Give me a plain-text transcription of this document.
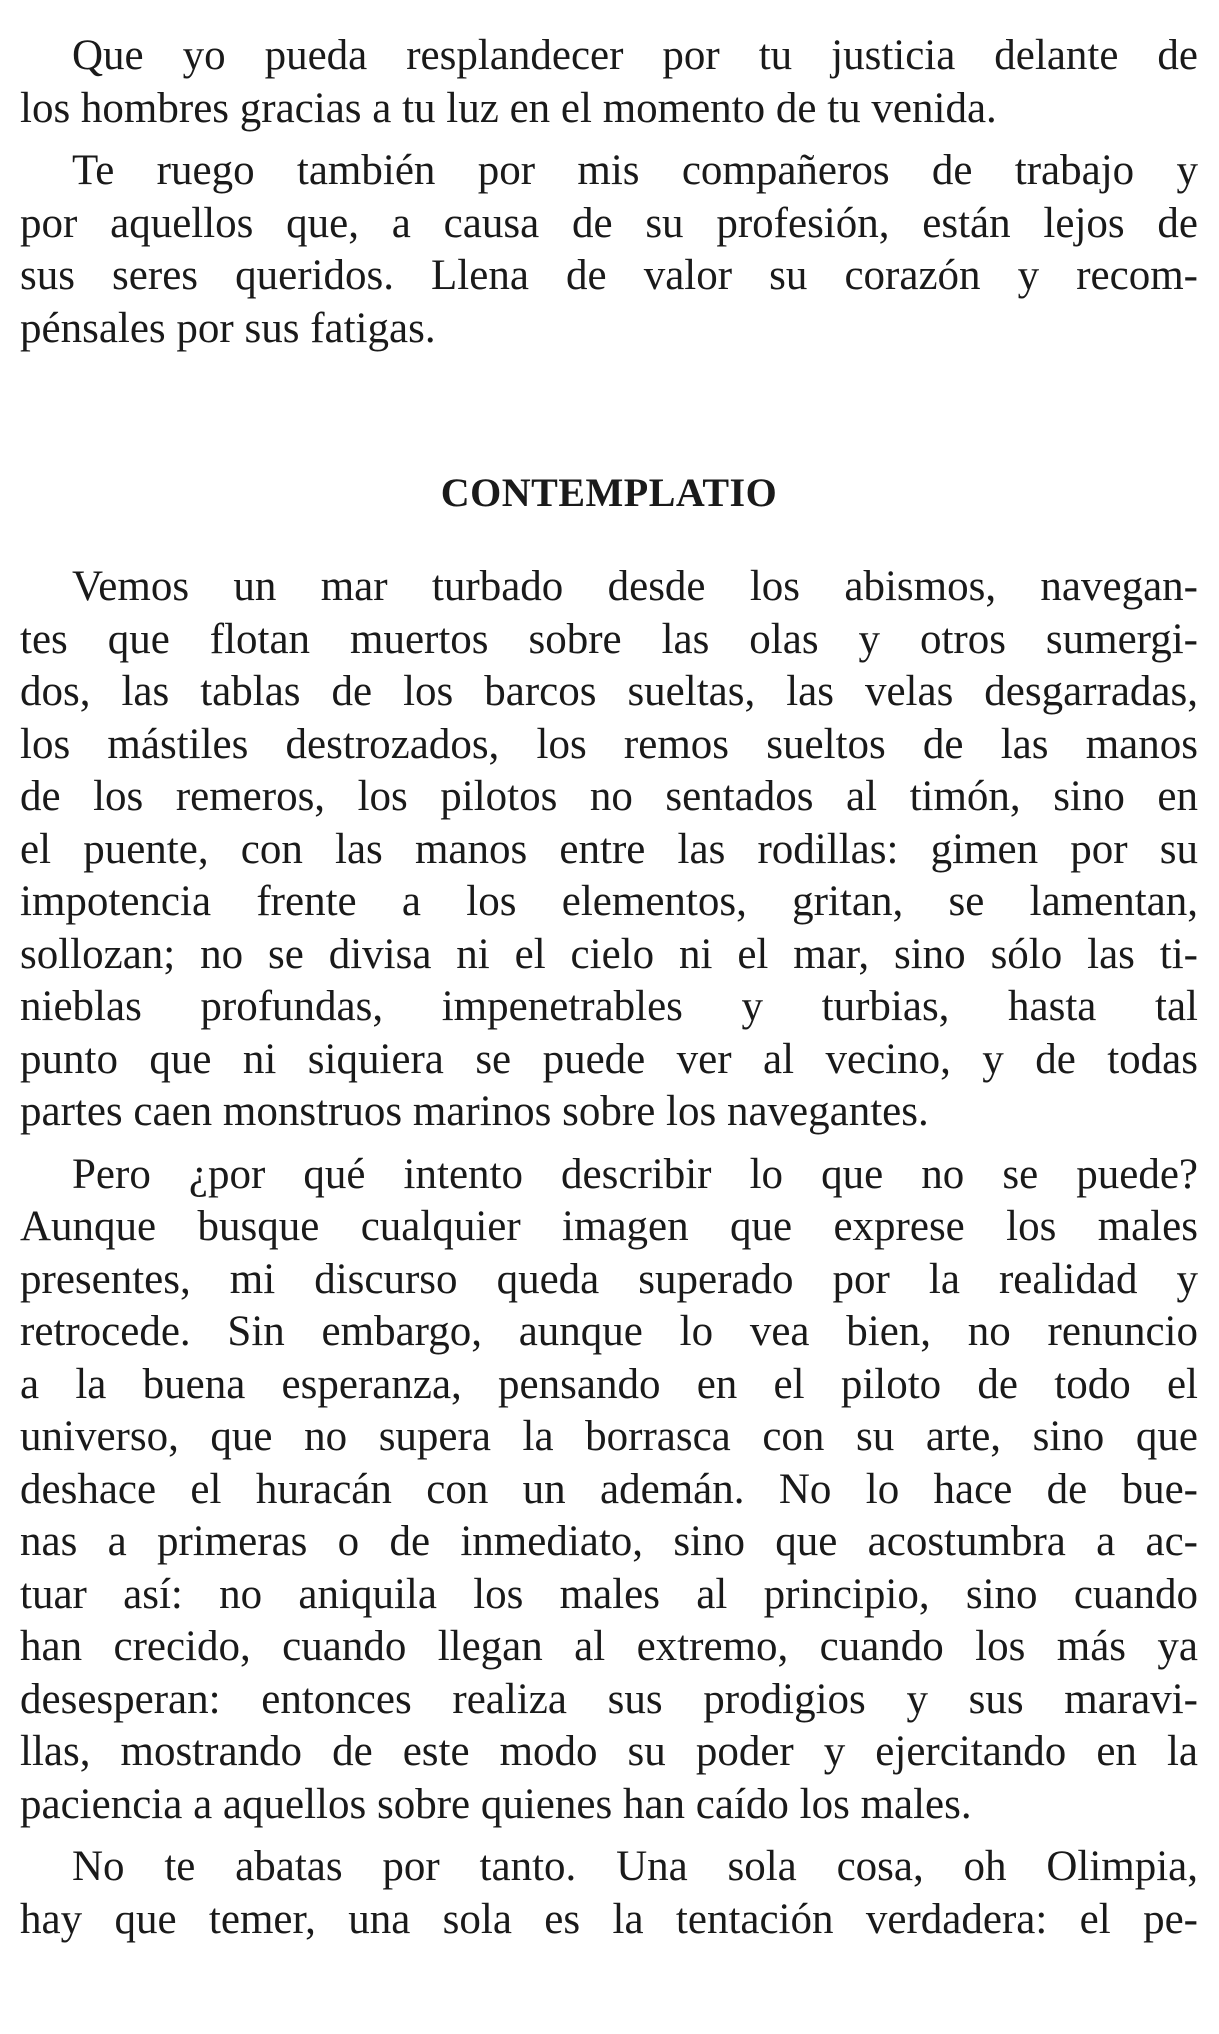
Que yo pueda resplandecer por tu justicia delante de
los hombres gracias a tu luz en el momento de tu venida.

Te ruego también por mis compañeros de trabajo y
por aquellos que, a causa de su profesión, están lejos de
sus seres queridos. Llena de valor su corazón y recom-
pénsales por sus fatigas.

CONTEMPLATIO

Vemos un mar turbado desde los abismos, navegan-
tes que flotan muertos sobre las olas y otros sumergi-
dos, las tablas de los barcos sueltas, las velas desgarradas,
los mástiles destrozados, los remos sueltos de las manos
de los remeros, los pilotos no sentados al timón, sino en
el puente, con las manos entre las rodillas: gimen por su
impotencia frente a los elementos, gritan, se lamentan,
sollozan; no se divisa ni el cielo ni el mar, sino sólo las ti-
nieblas profundas, impenetrables y turbias, hasta tal
punto que ni siquiera se puede ver al vecino, y de todas
partes caen monstruos marinos sobre los navegantes.

Pero ¿por qué intento describir lo que no se puede?
Aunque busque cualquier imagen que exprese los males
presentes, mi discurso queda superado por la realidad y
retrocede. Sin embargo, aunque lo vea bien, no renuncio
a la buena esperanza, pensando en el piloto de todo el
universo, que no supera la borrasca con su arte, sino que
deshace el huracán con un ademán. No lo hace de bue-
nas a primeras o de inmediato, sino que acostumbra a ac-
tuar así: no aniquila los males al principio, sino cuando
han crecido, cuando llegan al extremo, cuando los más ya
desesperan: entonces realiza sus prodigios y sus maravi-
llas, mostrando de este modo su poder y ejercitando en la
paciencia a aquellos sobre quienes han caído los males.

No te abatas por tanto. Una sola cosa, oh Olimpia,
hay que temer, una sola es la tentación verdadera: el pe-
